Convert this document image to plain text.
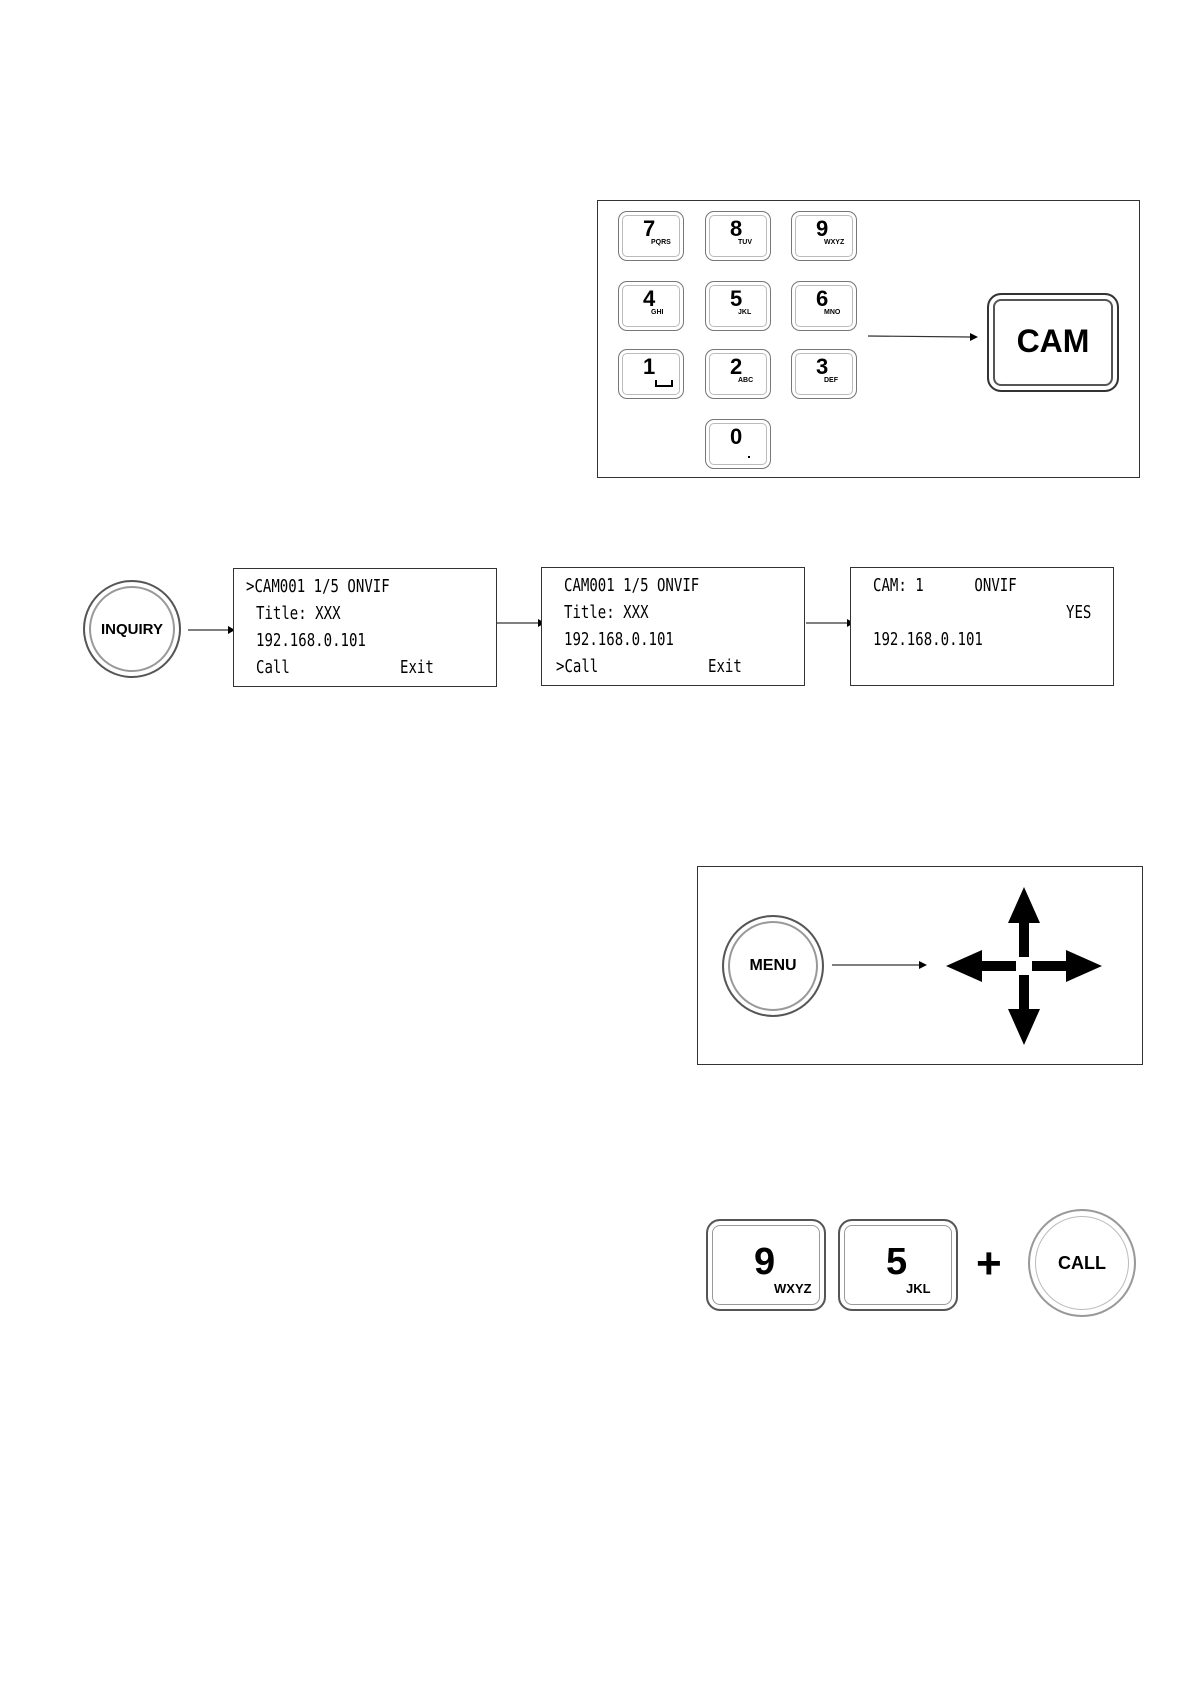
7
PQRS
8
TUV
9
WXYZ
4
GHI
5
JKL
6
MNO
1	2
ABC
3
DEF
0
CAM
INQUIRY
>CAM001 1/5 ONVIF
Title: XXX
192.168.0.101
Call	Exit
CAM001 1/5 ONVIF
Title: XXX
192.168.0.101
>Call	Exit
CAM: 1      ONVIF
YES
192.168.0.101
MENU
9
WXYZ
5
JKL
+	CALL
